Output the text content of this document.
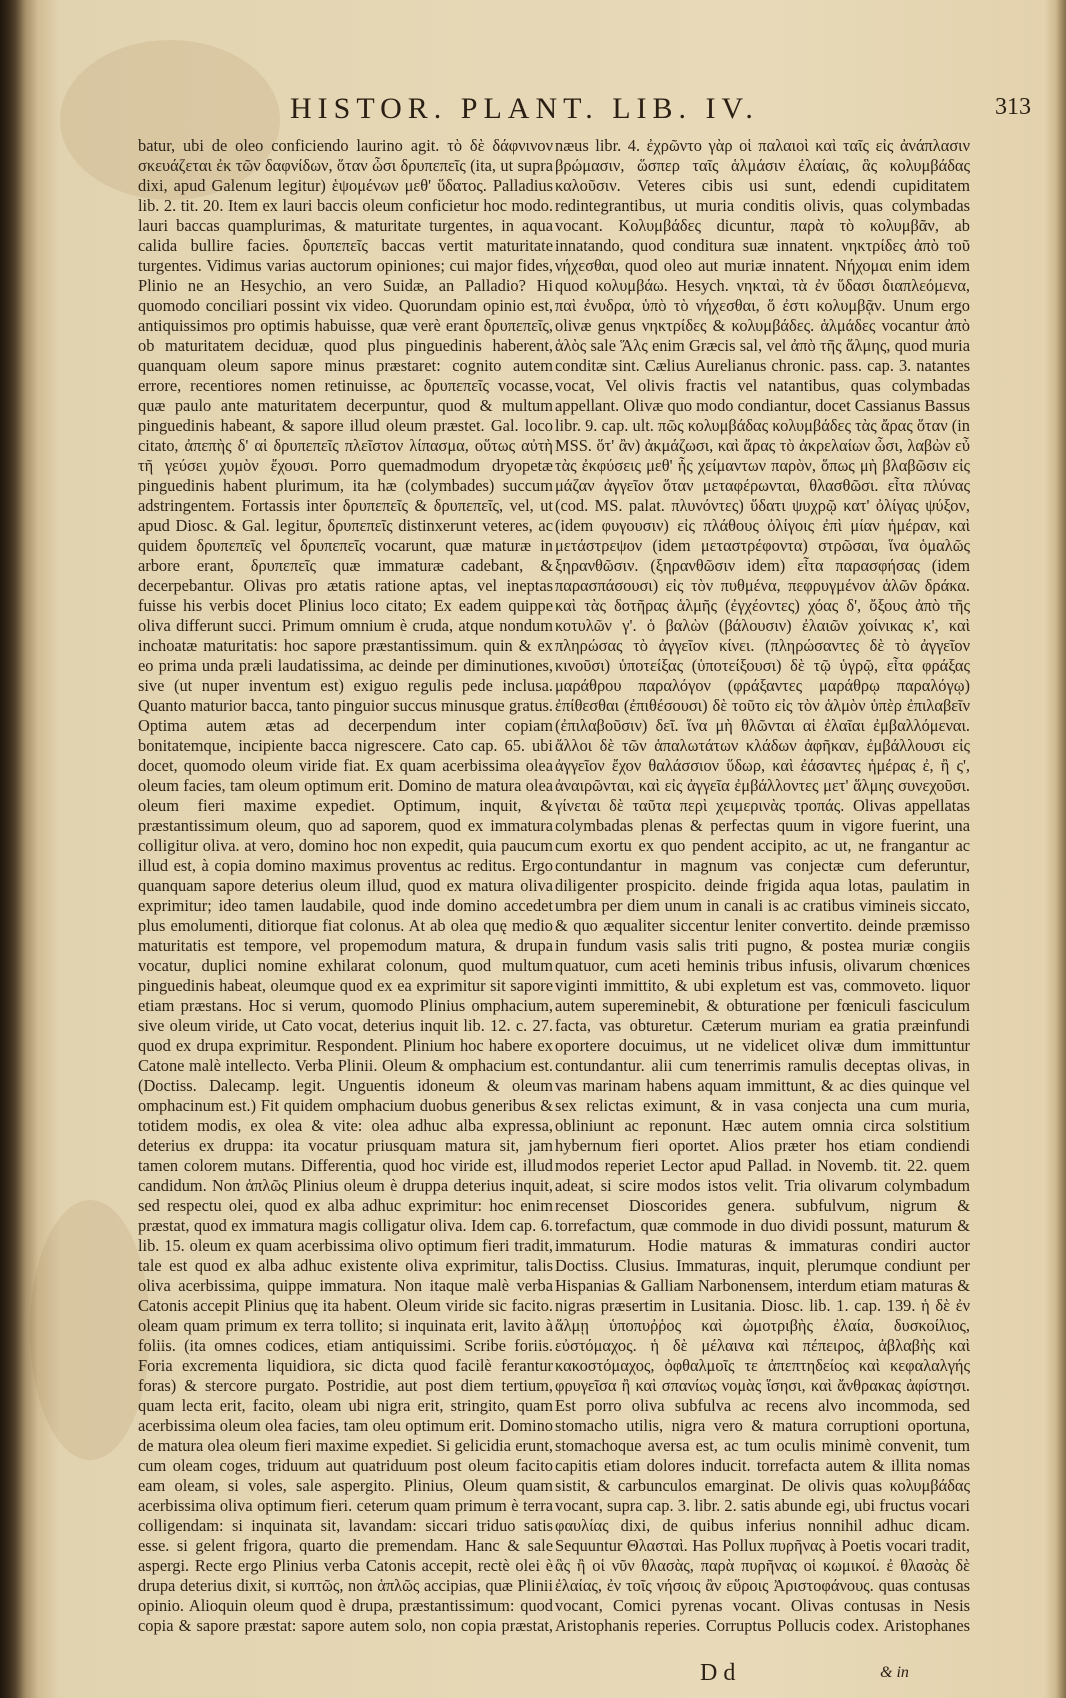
HISTOR. PLANT. LIB. IV.	313

batur, ubi de oleo conficiendo laurino agit. τὸ δὲ δάφνινον σκευάζεται ἐκ τῶν δαφνίδων, ὅταν ὦσι δρυπεπεῖς (ita, ut supra dixi, apud Galenum legitur) ἑψομένων μεθ' ὕδατος. Palladius lib. 2. tit. 20. Item ex lauri baccis oleum conficietur hoc modo. lauri baccas quamplurimas, & maturitate turgentes, in aqua calida bullire facies. δρυπεπεῖς baccas vertit maturitate turgentes. Vidimus varias auctorum opiniones; cui major fides, Plinio ne an Hesychio, an vero Suidæ, an Palladio? Hi quomodo conciliari possint vix video. Quorundam opinio est, antiquissimos pro optimis habuisse, quæ verè erant δρυπεπεῖς, ob maturitatem deciduæ, quod plus pinguedinis haberent, quanquam oleum sapore minus præstaret: cognito autem errore, recentiores nomen retinuisse, ac δρυπεπεῖς vocasse, quæ paulo ante maturitatem decerpuntur, quod & multum pinguedinis habeant, & sapore illud oleum præstet. Gal. loco citato, ἀπεπὴς δ' αἱ δρυπεπεῖς πλεῖστον λίπασμα, οὕτως αὐτὴ τῆ γεύσει χυμὸν ἔχουσι. Porro quemadmodum dryopetæ pinguedinis habent plurimum, ita hæ (colymbades) succum adstringentem. Fortassis inter δρυπεπεῖς & δρυπεπεῖς, vel, ut apud Diosc. & Gal. legitur, δρυπεπεῖς distinxerunt veteres, ac quidem δρυπεπεῖς vel δρυπεπεῖς vocarunt, quæ maturæ in arbore erant, δρυπεπεῖς quæ immaturæ cadebant, & decerpebantur. Olivas pro ætatis ratione aptas, vel ineptas fuisse his verbis docet Plinius loco citato; Ex eadem quippe oliva differunt succi. Primum omnium è cruda, atque nondum inchoatæ maturitatis: hoc sapore præstantissimum. quin & ex eo prima unda præli laudatissima, ac deinde per diminutiones, sive (ut nuper inventum est) exiguo regulis pede inclusa. Quanto maturior bacca, tanto pinguior succus minusque gratus. Optima autem ætas ad decerpendum inter copiam bonitatemque, incipiente bacca nigrescere. Cato cap. 65. ubi docet, quomodo oleum viride fiat. Ex quam acerbissima olea oleum facies, tam oleum optimum erit. Domino de matura olea oleum fieri maxime expediet. Optimum, inquit, & præstantissimum oleum, quo ad saporem, quod ex immatura colligitur oliva. at vero, domino hoc non expedit, quia paucum illud est, à copia domino maximus proventus ac reditus. Ergo quanquam sapore deterius oleum illud, quod ex matura oliva exprimitur; ideo tamen laudabile, quod inde domino accedet plus emolumenti, ditiorque fiat colonus. At ab olea quę medio maturitatis est tempore, vel propemodum matura, & drupa vocatur, duplici nomine exhilarat colonum, quod multum pinguedinis habeat, oleumque quod ex ea exprimitur sit sapore etiam præstans. Hoc si verum, quomodo Plinius omphacium, sive oleum viride, ut Cato vocat, deterius inquit lib. 12. c. 27. quod ex drupa exprimitur. Respondent. Plinium hoc habere ex Catone malè intellecto. Verba Plinii. Oleum & omphacium est. (Doctiss. Dalecamp. legit. Unguentis idoneum & oleum omphacinum est.) Fit quidem omphacium duobus generibus & totidem modis, ex olea & vite: olea adhuc alba expressa, deterius ex druppa: ita vocatur priusquam matura sit, jam tamen colorem mutans. Differentia, quod hoc viride est, illud candidum. Non ἁπλῶς Plinius oleum è druppa deterius inquit, sed respectu olei, quod ex alba adhuc exprimitur: hoc enim præstat, quod ex immatura magis colligatur oliva. Idem cap. 6. lib. 15. oleum ex quam acerbissima olivo optimum fieri tradit, tale est quod ex alba adhuc existente oliva exprimitur, talis oliva acerbissima, quippe immatura. Non itaque malè verba Catonis accepit Plinius quę ita habent. Oleum viride sic facito. oleam quam primum ex terra tollito; si inquinata erit, lavito à foliis. (ita omnes codices, etiam antiquissimi. Scribe foriis. Foria excrementa liquidiora, sic dicta quod facilè ferantur foras) & stercore purgato. Postridie, aut post diem tertium, quam lecta erit, facito, oleam ubi nigra erit, stringito, quam acerbissima oleum olea facies, tam oleu optimum erit. Domino de matura olea oleum fieri maxime expediet. Si gelicidia erunt, cum oleam coges, triduum aut quatriduum post oleum facito eam oleam, si voles, sale aspergito. Plinius, Oleum quam acerbissima oliva optimum fieri. ceterum quam primum è terra colligendam: si inquinata sit, lavandam: siccari triduo satis esse. si gelent frigora, quarto die premendam. Hanc & sale aspergi. Recte ergo Plinius verba Catonis accepit, rectè olei è drupa deterius dixit, si κυπτῶς, non ἁπλῶς accipias, quæ Plinii opinio. Alioquin oleum quod è drupa, præstantissimum: quod copia & sapore præstat: sapore autem solo, non copia præstat,

næus libr. 4. ἐχρῶντο γὰρ οἱ παλαιοὶ καὶ ταῖς εἰς ἀνάπλασιν βρώμασιν, ὥσπερ ταῖς ἁλμάσιν ἐλαίαις, ἃς κολυμβάδας καλοῦσιν. Veteres cibis usi sunt, edendi cupiditatem redintegrantibus, ut muria conditis olivis, quas colymbadas vocant. Κολυμβάδες dicuntur, παρὰ τὸ κολυμβᾶν, ab innatando, quod conditura suæ innatent. νηκτρίδες ἀπὸ τοῦ νήχεσθαι, quod oleo aut muriæ innatent. Νήχομαι enim idem quod κολυμβάω. Hesych. νηκταὶ, τὰ ἐν ὕδασι διαπλεόμενα, παὶ ἐνυδρα, ὑπὸ τὸ νήχεσθαι, ὅ ἐστι κολυμβᾷν. Unum ergo olivæ genus νηκτρίδες & κολυμβάδες. ἁλμάδες vocantur ἀπὸ ἁλὸς sale Ἅλς enim Græcis sal, vel ἀπὸ τῆς ἅλμης, quod muria conditæ sint. Cælius Aurelianus chronic. pass. cap. 3. natantes vocat, Vel olivis fractis vel natantibus, quas colymbadas appellant. Olivæ quo modo condiantur, docet Cassianus Bassus libr. 9. cap. ult. πῶς κολυμβάδας κολυμβάδες τὰς ἄρας ὅταν (in MSS. ὅτ' ἂν) ἀκμάζωσι, καὶ ἄρας τὸ ἀκρελαίων ὦσι, λαβὼν εὖ τὰς ἐκφύσεις μεθ' ἧς χείμαντων παρὸν, ὅπως μὴ βλαβῶσιν εἰς μάζαν ἀγγεῖον ὅταν μεταφέρωνται, θλασθῶσι. εἶτα πλύνας (cod. MS. palat. πλυνόντες) ὕδατι ψυχρῷ κατ' ὀλίγας ψύξον, (idem φυγουσιν) εἰς πλάθους ὀλίγοις ἐπὶ μίαν ἡμέραν, καὶ μετάστρεψον (idem μεταστρέφοντα) στρῶσαι, ἵνα ὁμαλῶς ξηρανθῶσιν. (ξηρανθῶσιν idem) εἶτα παρασφήσας (idem παρασπάσουσι) εἰς τὸν πυθμένα, πεφρυγμένον ἁλῶν δράκα. καὶ τὰς δοτῆρας ἁλμῆς (ἐγχέοντες) χόας δ', ὄξους ἀπὸ τῆς κοτυλῶν γ'. ὁ βαλὼν (βάλουσιν) ἐλαιῶν χοίνικας κ', καὶ πληρώσας τὸ ἀγγεῖον κίνει. (πληρώσαντες δὲ τὸ ἀγγεῖον κινοῦσι) ὑποτείξας (ὑποτείξουσι) δὲ τῷ ὑγρῷ, εἶτα φράξας μαράθρου παραλόγον (φράξαντες μαράθρῳ παραλόγῳ) ἐπίθεσθαι (ἐπιθέσουσι) δὲ τοῦτο εἰς τὸν ἁλμὸν ὑπὲρ ἐπιλαβεῖν (ἐπιλαβοῦσιν) δεῖ. ἵνα μὴ θλῶνται αἱ ἐλαῖαι ἐμβαλλόμεναι. ἄλλοι δὲ τῶν ἁπαλωτάτων κλάδων ἀφῆκαν, ἐμβάλλουσι εἰς ἀγγεῖον ἔχον θαλάσσιον ὕδωρ, καὶ ἐάσαντες ἡμέρας ἐ, ἢ ς', ἀναιρῶνται, καὶ εἰς ἀγγεῖα ἐμβάλλοντες μετ' ἅλμης συνεχοῦσι. γίνεται δὲ ταῦτα περὶ χειμερινὰς τροπάς. Olivas appellatas colymbadas plenas & perfectas quum in vigore fuerint, una cum exortu ex quo pendent accipito, ac ut, ne frangantur ac contundantur in magnum vas conjectæ cum deferuntur, diligenter prospicito. deinde frigida aqua lotas, paulatim in umbra per diem unum in canali is ac cratibus vimineis siccato, & quo æqualiter siccentur leniter convertito. deinde præmisso in fundum vasis salis triti pugno, & postea muriæ congiis quatuor, cum aceti heminis tribus infusis, olivarum chœnices viginti immittito, & ubi expletum est vas, commoveto. liquor autem supereminebit, & obturatione per fœniculi fasciculum facta, vas obturetur. Cæterum muriam ea gratia præinfundi oportere docuimus, ut ne videlicet olivæ dum immittuntur contundantur. alii cum tenerrimis ramulis deceptas olivas, in vas marinam habens aquam immittunt, & ac dies quinque vel sex relictas eximunt, & in vasa conjecta una cum muria, obliniunt ac reponunt. Hæc autem omnia circa solstitium hybernum fieri oportet. Alios præter hos etiam condiendi modos reperiet Lector apud Pallad. in Novemb. tit. 22. quem adeat, si scire modos istos velit. Tria olivarum colymbadum recenset Dioscorides genera. subfulvum, nigrum & torrefactum, quæ commode in duo dividi possunt, maturum & immaturum. Hodie maturas & immaturas condiri auctor Doctiss. Clusius. Immaturas, inquit, plerumque condiunt per Hispanias & Galliam Narbonensem, interdum etiam maturas & nigras præsertim in Lusitania. Diosc. lib. 1. cap. 139. ἡ δὲ ἐν ἅλμῃ ὑποπυῤῥος καὶ ὠμοτριβὴς ἐλαία, δυσκοίλιος, εὐστόμαχος. ἡ δὲ μέλαινα καὶ πέπειρος, ἀβλαβὴς καὶ κακοστόμαχος, ὀφθαλμοῖς τε ἀπεπτηδείος καὶ κεφαλαλγής φρυγεῖσα ἢ καὶ σπανίως νομὰς ἵσησι, καὶ ἄνθρακας ἀφίστησι. Est porro oliva subfulva ac recens alvo incommoda, sed stomacho utilis, nigra vero & matura corruptioni oportuna, stomachoque aversa est, ac tum oculis minimè convenit, tum capitis etiam dolores inducit. torrefacta autem & illita nomas sistit, & carbunculos emarginat. De olivis quas κολυμβάδας vocant, supra cap. 3. libr. 2. satis abunde egi, ubi fructus vocari φαυλίας dixi, de quibus inferius nonnihil adhuc dicam. Sequuntur Θλασταὶ. Has Pollux πυρῆνας à Poetis vocari tradit, ἃς ἢ οἱ νῦν θλασὰς, παρὰ πυρῆνας οἱ κωμικοί. ἐ θλασὰς δὲ ἐλαίας, ἐν τοῖς νήσοις ἂν εὕροις Ἀριστοφάνους. quas contusas vocant, Comici pyrenas vocant. Olivas contusas in Nesis Aristophanis reperies. Corruptus Pollucis codex. Aristophanes

D d	& in
